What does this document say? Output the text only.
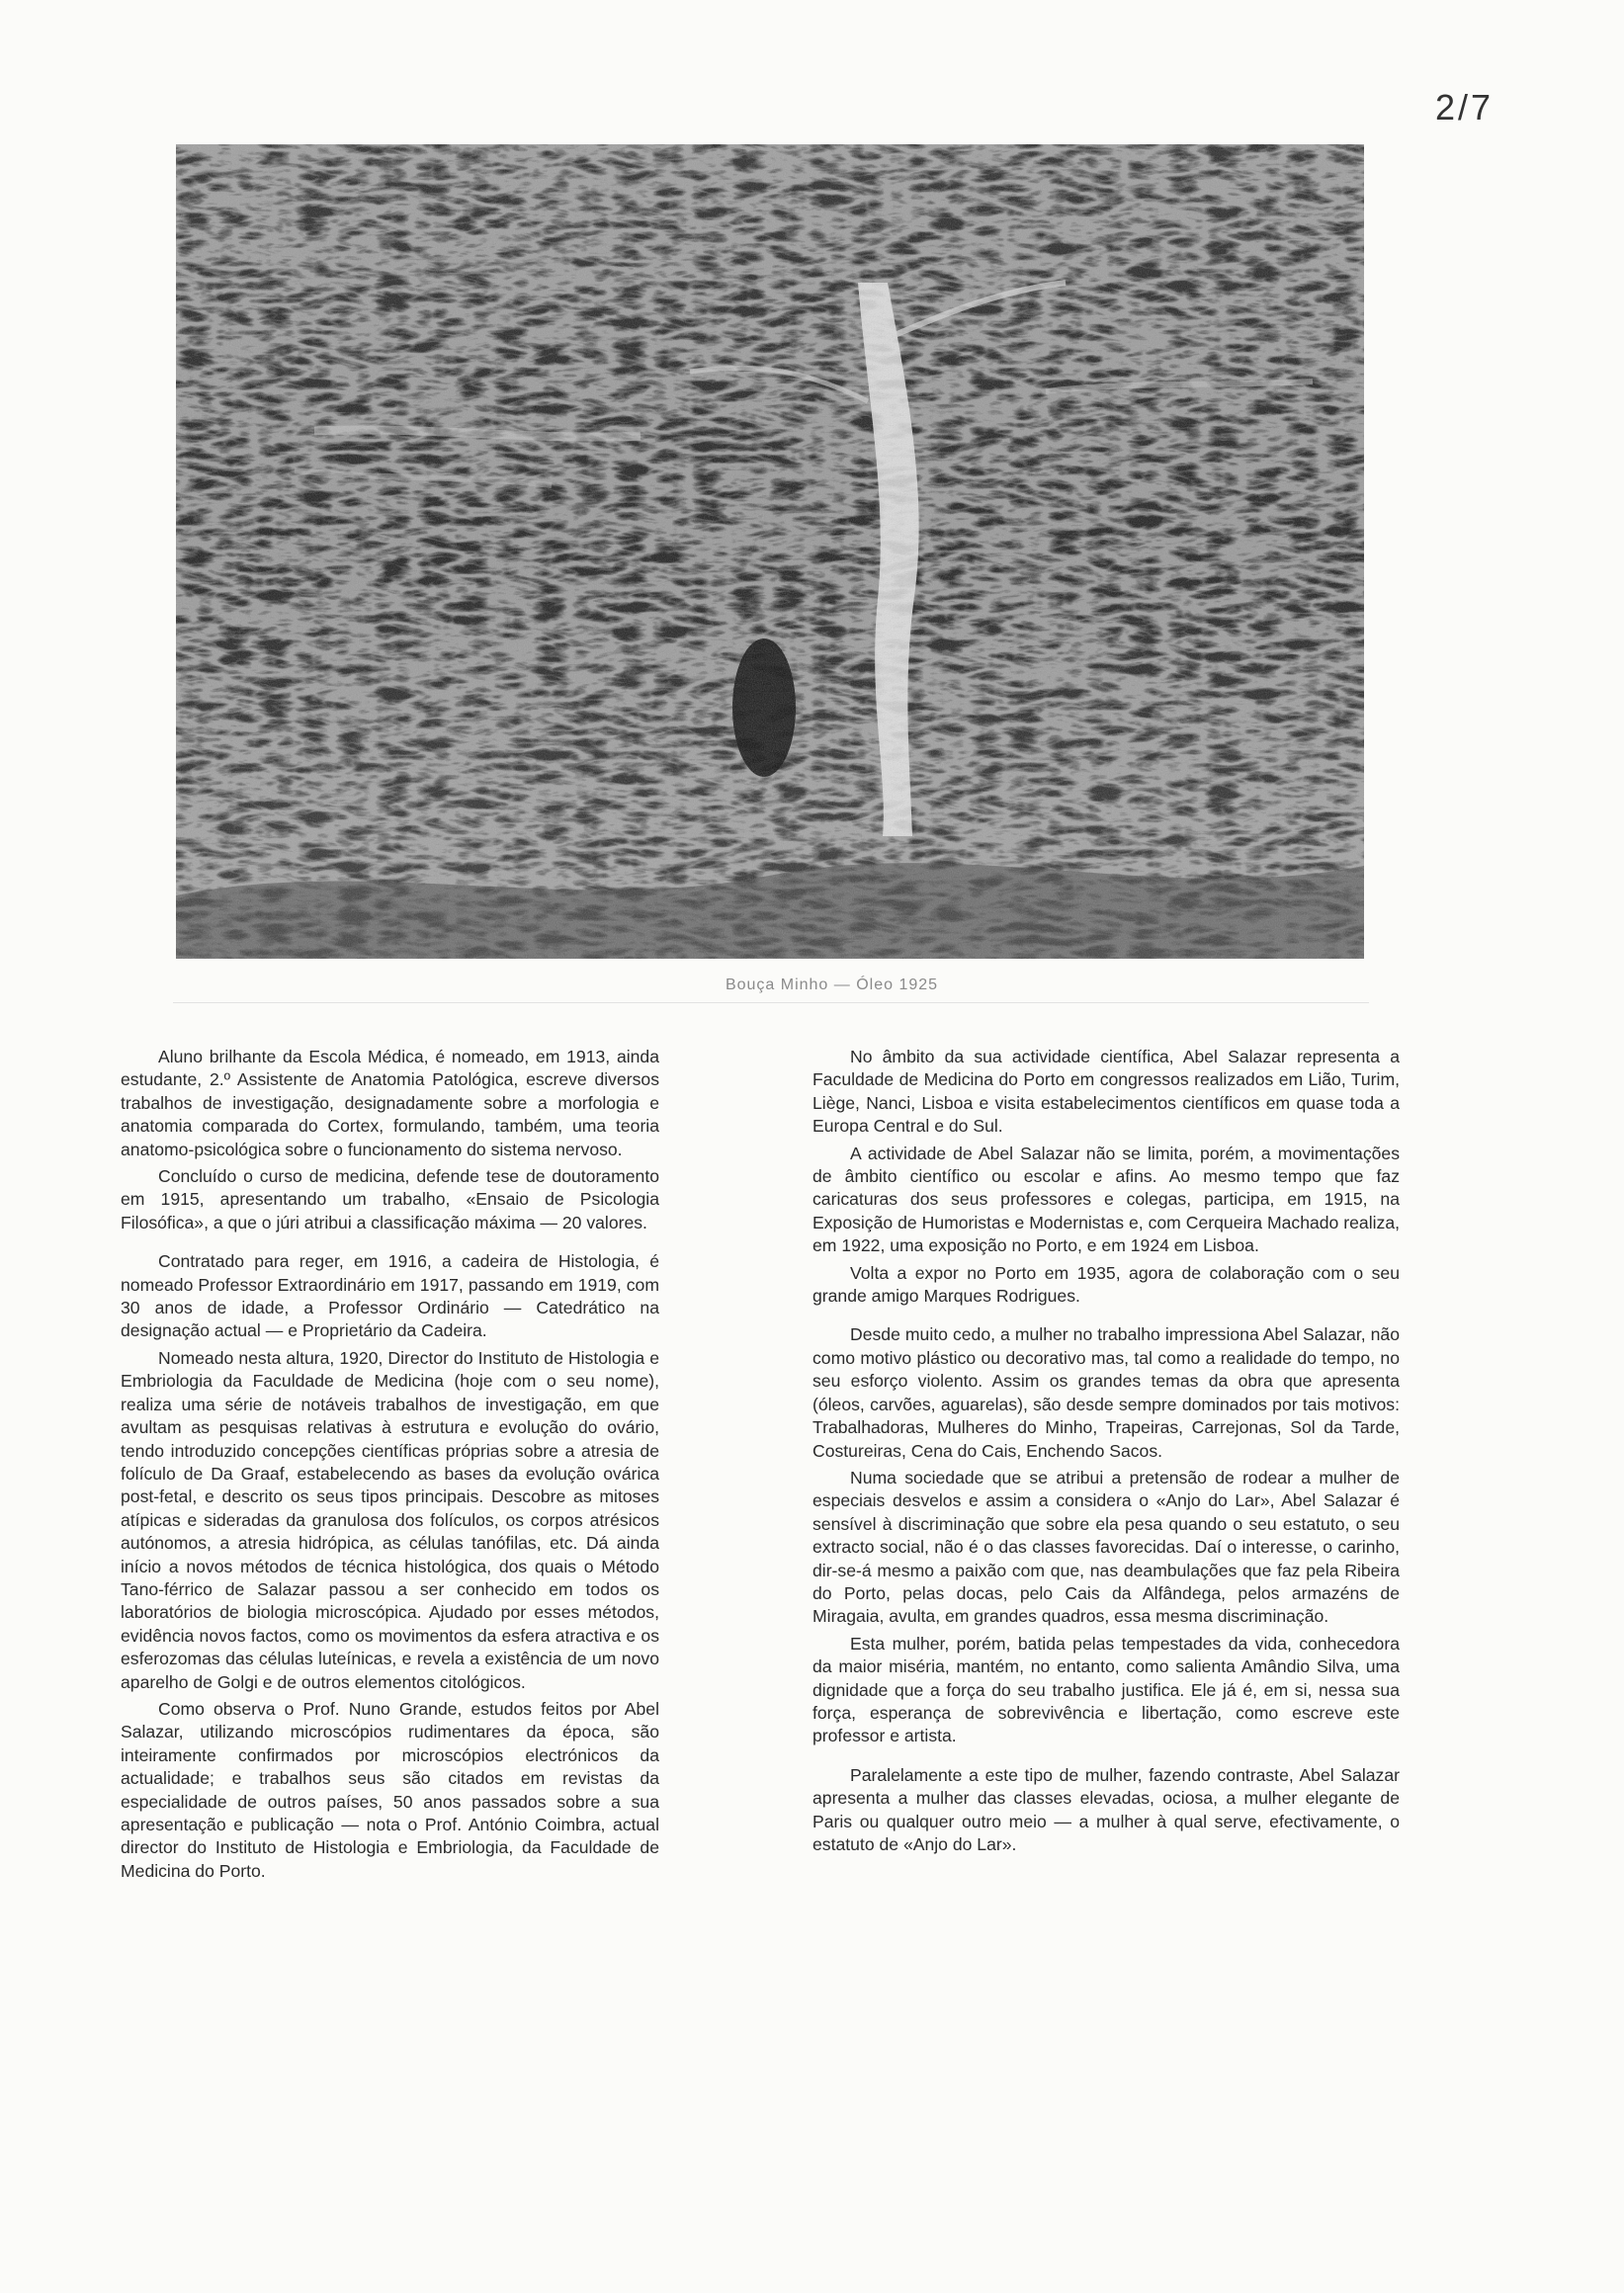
2/7
Bouça Minho — Óleo 1925

Aluno brilhante da Escola Médica, é nomeado, em 1913, ainda estudante, 2.º Assistente de Anatomia Patológica, escreve diversos trabalhos de investigação, designadamente sobre a morfologia e anatomia comparada do Cortex, formulando, também, uma teoria anatomo-psicológica sobre o funcionamento do sistema nervoso.

Concluído o curso de medicina, defende tese de doutoramento em 1915, apresentando um trabalho, «Ensaio de Psicologia Filosófica», a que o júri atribui a classificação máxima — 20 valores.

Contratado para reger, em 1916, a cadeira de Histologia, é nomeado Professor Extraordinário em 1917, passando em 1919, com 30 anos de idade, a Professor Ordinário — Catedrático na designação actual — e Proprietário da Cadeira.

Nomeado nesta altura, 1920, Director do Instituto de Histologia e Embriologia da Faculdade de Medicina (hoje com o seu nome), realiza uma série de notáveis trabalhos de investigação, em que avultam as pesquisas relativas à estrutura e evolução do ovário, tendo introduzido concepções científicas próprias sobre a atresia de folículo de Da Graaf, estabelecendo as bases da evolução ovárica post-fetal, e descrito os seus tipos principais. Descobre as mitoses atípicas e sideradas da granulosa dos folículos, os corpos atrésicos autónomos, a atresia hidrópica, as células tanófilas, etc. Dá ainda início a novos métodos de técnica histológica, dos quais o Método Tano-férrico de Salazar passou a ser conhecido em todos os laboratórios de biologia microscópica. Ajudado por esses métodos, evidência novos factos, como os movimentos da esfera atractiva e os esferozomas das células luteínicas, e revela a existência de um novo aparelho de Golgi e de outros elementos citológicos.

Como observa o Prof. Nuno Grande, estudos feitos por Abel Salazar, utilizando microscópios rudimentares da época, são inteiramente confirmados por microscópios electrónicos da actualidade; e trabalhos seus são citados em revistas da especialidade de outros países, 50 anos passados sobre a sua apresentação e publicação — nota o Prof. António Coimbra, actual director do Instituto de Histologia e Embriologia, da Faculdade de Medicina do Porto.

No âmbito da sua actividade científica, Abel Salazar representa a Faculdade de Medicina do Porto em congressos realizados em Lião, Turim, Liège, Nanci, Lisboa e visita estabelecimentos científicos em quase toda a Europa Central e do Sul.

A actividade de Abel Salazar não se limita, porém, a movimentações de âmbito científico ou escolar e afins. Ao mesmo tempo que faz caricaturas dos seus professores e colegas, participa, em 1915, na Exposição de Humoristas e Modernistas e, com Cerqueira Machado realiza, em 1922, uma exposição no Porto, e em 1924 em Lisboa.

Volta a expor no Porto em 1935, agora de colaboração com o seu grande amigo Marques Rodrigues.

Desde muito cedo, a mulher no trabalho impressiona Abel Salazar, não como motivo plástico ou decorativo mas, tal como a realidade do tempo, no seu esforço violento. Assim os grandes temas da obra que apresenta (óleos, carvões, aguarelas), são desde sempre dominados por tais motivos: Trabalhadoras, Mulheres do Minho, Trapeiras, Carrejonas, Sol da Tarde, Costureiras, Cena do Cais, Enchendo Sacos.

Numa sociedade que se atribui a pretensão de rodear a mulher de especiais desvelos e assim a considera o «Anjo do Lar», Abel Salazar é sensível à discriminação que sobre ela pesa quando o seu estatuto, o seu extracto social, não é o das classes favorecidas. Daí o interesse, o carinho, dir-se-á mesmo a paixão com que, nas deambulações que faz pela Ribeira do Porto, pelas docas, pelo Cais da Alfândega, pelos armazéns de Miragaia, avulta, em grandes quadros, essa mesma discriminação.

Esta mulher, porém, batida pelas tempestades da vida, conhecedora da maior miséria, mantém, no entanto, como salienta Amândio Silva, uma dignidade que a força do seu trabalho justifica. Ele já é, em si, nessa sua força, esperança de sobrevivência e libertação, como escreve este professor e artista.

Paralelamente a este tipo de mulher, fazendo contraste, Abel Salazar apresenta a mulher das classes elevadas, ociosa, a mulher elegante de Paris ou qualquer outro meio — a mulher à qual serve, efectivamente, o estatuto de «Anjo do Lar».
